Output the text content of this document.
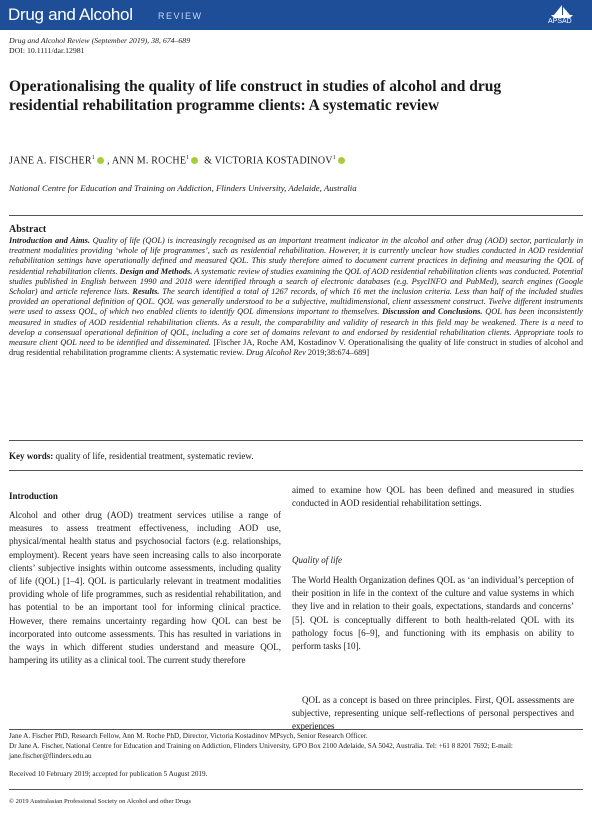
Drug and Alcohol	REVIEW
APSAD
Drug and Alcohol Review (September 2019), 38, 674–689
DOI: 10.1111/dar.12981
Operationalising the quality of life construct in studies of alcohol and drug residential rehabilitation programme clients: A systematic review
JANE A. FISCHER$^1$ , ANN M. ROCHE$^1$ & VICTORIA KOSTADINOV$^1$
National Centre for Education and Training on Addiction, Flinders University, Adelaide, Australia
Abstract
Introduction and Aims. Quality of life (QOL) is increasingly recognised as an important treatment indicator in the alcohol and other drug (AOD) sector, particularly in treatment modalities providing ‘whole of life programmes’, such as residential rehabilitation. However, it is currently unclear how studies conducted in AOD residential rehabilitation settings have operationally defined and measured QOL. This study therefore aimed to document current practices in defining and measuring the QOL of residential rehabilitation clients. Design and Methods. A systematic review of studies examining the QOL of AOD residential rehabilitation clients was conducted. Potential studies published in English between 1990 and 2018 were identified through a search of electronic databases (e.g. PsycINFO and PubMed), search engines (Google Scholar) and article reference lists. Results. The search identified a total of 1267 records, of which 16 met the inclusion criteria. Less than half of the included studies provided an operational definition of QOL. QOL was generally understood to be a subjective, multidimensional, client assessment construct. Twelve different instruments were used to assess QOL, of which two enabled clients to identify QOL dimensions important to themselves. Discussion and Conclusions. QOL has been inconsistently measured in studies of AOD residential rehabilitation clients. As a result, the comparability and validity of research in this field may be weakened. There is a need to develop a consensual operational definition of QOL, including a core set of domains relevant to and endorsed by residential rehabilitation clients. Appropriate tools to measure client QOL need to be identified and disseminated. [Fischer JA, Roche AM, Kostadinov V. Operationalising the quality of life construct in studies of alcohol and drug residential rehabilitation programme clients: A systematic review. Drug Alcohol Rev 2019;38:674–689]
Key words: quality of life, residential treatment, systematic review.
Introduction
Alcohol and other drug (AOD) treatment services utilise a range of measures to assess treatment effectiveness, including AOD use, physical/mental health status and psychosocial factors (e.g. relationships, employment). Recent years have seen increasing calls to also incorporate clients’ subjective insights within outcome assessments, including quality of life (QOL) [1–4]. QOL is particularly relevant in treatment modalities providing whole of life programmes, such as residential rehabilitation, and has potential to be an important tool for informing clinical practice. However, there remains uncertainty regarding how QOL can best be incorporated into outcome assessments. This has resulted in variations in the ways in which different studies understand and measure QOL, hampering its utility as a clinical tool. The current study therefore
aimed to examine how QOL has been defined and measured in studies conducted in AOD residential rehabilitation settings.
Quality of life
The World Health Organization defines QOL as ‘an individual’s perception of their position in life in the context of the culture and value systems in which they live and in relation to their goals, expectations, standards and concerns’ [5]. QOL is conceptually different to both health-related QOL with its pathology focus [6–9], and functioning with its emphasis on ability to perform tasks [10].
QOL as a concept is based on three principles. First, QOL assessments are subjective, representing unique self-reflections of personal perspectives and experiences
Jane A. Fischer PhD, Research Fellow, Ann M. Roche PhD, Director, Victoria Kostadinov MPsych, Senior Research Officer.
Dr Jane A. Fischer, National Centre for Education and Training on Addiction, Flinders University, GPO Box 2100 Adelaide, SA 5042, Australia. Tel: +61 8 8201 7692; E-mail: jane.fischer@flinders.edu.au
Received 10 February 2019; accepted for publication 5 August 2019.
© 2019 Australasian Professional Society on Alcohol and other Drugs
